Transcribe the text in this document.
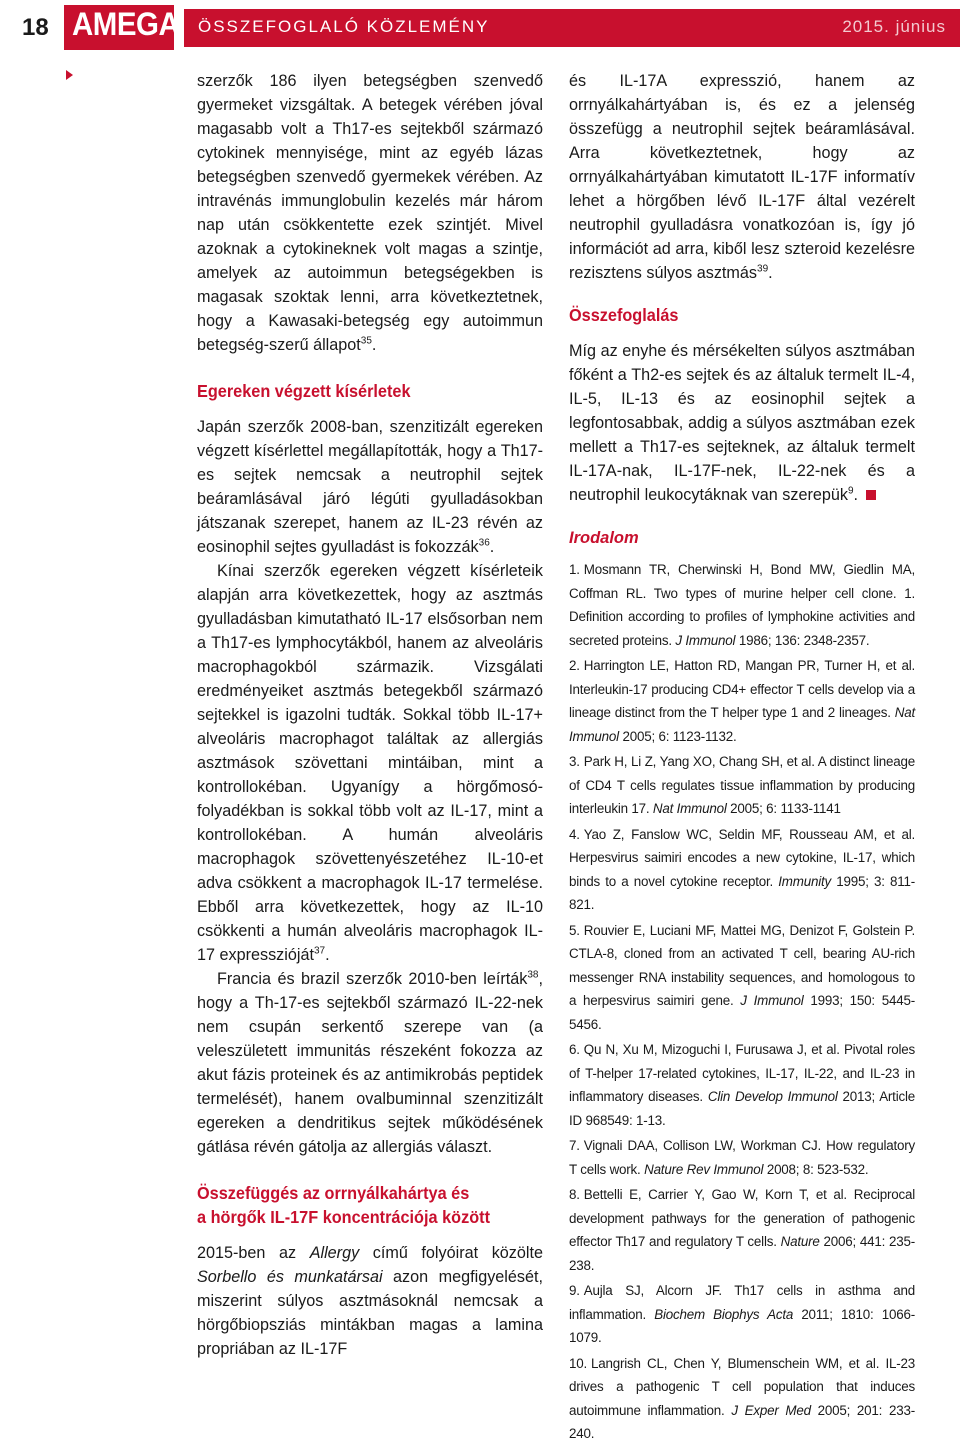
18 AMEGA ÖSSZEFOGLALÓ KÖZLEMÉNY	2015. június

szerzők 186 ilyen betegségben szenvedő gyermeket vizsgáltak. A betegek vérében jóval magasabb volt a Th17-es sejtekből származó cytokinek mennyisége, mint az egyéb lázas betegségben szenvedő gyermekek vérében. Az intravénás immunglobulin kezelés már három nap után csökkentette ezek szintjét. Mivel azoknak a cytokineknek volt magas a szintje, amelyek az autoimmun betegségekben is magasak szoktak lenni, arra következtetnek, hogy a Kawasaki-betegség egy autoimmun betegség-szerű állapot$^{35}$.

Egereken végzett kísérletek

Japán szerzők 2008-ban, szenzitizált egereken végzett kísérlettel megállapították, hogy a Th17-es sejtek nemcsak a neutrophil sejtek beáramlásával járó légúti gyulladásokban játszanak szerepet, hanem az IL-23 révén az eosinophil sejtes gyulladást is fokozzák$^{36}$.

Kínai szerzők egereken végzett kísérleteik alapján arra következettek, hogy az asztmás gyulladásban kimutatható IL-17 elsősorban nem a Th17-es lymphocytákból, hanem az alveoláris macrophagokból származik. Vizsgálati eredményeiket asztmás betegekből származó sejtekkel is igazolni tudták. Sokkal több IL-17+ alveoláris macrophagot találtak az allergiás asztmások szövettani mintáiban, mint a kontrollokéban. Ugyanígy a hörgőmosó-folyadékban is sokkal több volt az IL-17, mint a kontrollokéban. A humán alveoláris macrophagok szövettenyészetéhez IL-10-et adva csökkent a macrophagok IL-17 termelése. Ebből arra következettek, hogy az IL-10 csökkenti a humán alveoláris macrophagok IL-17 expresszióját$^{37}$.

Francia és brazil szerzők 2010-ben leírták$^{38}$, hogy a Th-17-es sejtekből származó IL-22-nek nem csupán serkentő szerepe van (a veleszületett immunitás részeként fokozza az akut fázis proteinek és az antimikrobás peptidek termelését), hanem ovalbuminnal szenzitizált egereken a dendritikus sejtek működésének gátlása révén gátolja az allergiás választ.

Összefüggés az orrnyálkahártya és
a hörgők IL-17F koncentrációja között

2015-ben az Allergy című folyóirat közölte Sorbello és munkatársai azon megfigyelését, miszerint súlyos asztmásoknál nemcsak a hörgőbiopsziás mintákban magas a lamina propriában az IL-17F

és IL-17A expresszió, hanem az orrnyálkahártyában is, és ez a jelenség összefügg a neutrophil sejtek beáramlásával. Arra következtetnek, hogy az orrnyálkahártyában kimutatott IL-17F informatív lehet a hörgőben lévő IL-17F által vezérelt neutrophil gyulladásra vonatkozóan is, így jó információt ad arra, kiből lesz szteroid kezelésre rezisztens súlyos asztmás$^{39}$.

Összefoglalás

Míg az enyhe és mérsékelten súlyos asztmában főként a Th2-es sejtek és az általuk termelt IL-4, IL-5, IL-13 és az eosinophil sejtek a legfontosabbak, addig a súlyos asztmában ezek mellett a Th17-es sejteknek, az általuk termelt IL-17A-nak, IL-17F-nek, IL-22-nek és a neutrophil leukocytáknak van szerepük$^9$.

Irodalom
1. Mosmann TR, Cherwinski H, Bond MW, Giedlin MA, Coffman RL. Two types of murine helper cell clone. 1. Definition according to profiles of lymphokine activities and secreted proteins. J Immunol 1986; 136: 2348-2357.
2. Harrington LE, Hatton RD, Mangan PR, Turner H, et al. Interleukin-17 producing CD4+ effector T cells develop via a lineage distinct from the T helper type 1 and 2 lineages. Nat Immunol 2005; 6: 1123-1132.
3. Park H, Li Z, Yang XO, Chang SH, et al. A distinct lineage of CD4 T cells regulates tissue inflammation by producing interleukin 17. Nat Immunol 2005; 6: 1133-1141
4. Yao Z, Fanslow WC, Seldin MF, Rousseau AM, et al. Herpesvirus saimiri encodes a new cytokine, IL-17, which binds to a novel cytokine receptor. Immunity 1995; 3: 811-821.
5. Rouvier E, Luciani MF, Mattei MG, Denizot F, Golstein P. CTLA-8, cloned from an activated T cell, bearing AU-rich messenger RNA instability sequences, and homologous to a herpesvirus saimiri gene. J Immunol 1993; 150: 5445-5456.
6. Qu N, Xu M, Mizoguchi I, Furusawa J, et al. Pivotal roles of T-helper 17-related cytokines, IL-17, IL-22, and IL-23 in inflammatory diseases. Clin Develop Immunol 2013; Article ID 968549: 1-13.
7. Vignali DAA, Collison LW, Workman CJ. How regulatory T cells work. Nature Rev Immunol 2008; 8: 523-532.
8. Bettelli E, Carrier Y, Gao W, Korn T, et al. Reciprocal development pathways for the generation of pathogenic effector Th17 and regulatory T cells. Nature 2006; 441: 235-238.
9. Aujla SJ, Alcorn JF. Th17 cells in asthma and inflammation. Biochem Biophys Acta 2011; 1810: 1066-1079.
10. Langrish CL, Chen Y, Blumenschein WM, et al. IL-23 drives a pathogenic T cell population that induces autoimmune inflammation. J Exper Med 2005; 201: 233-240.
